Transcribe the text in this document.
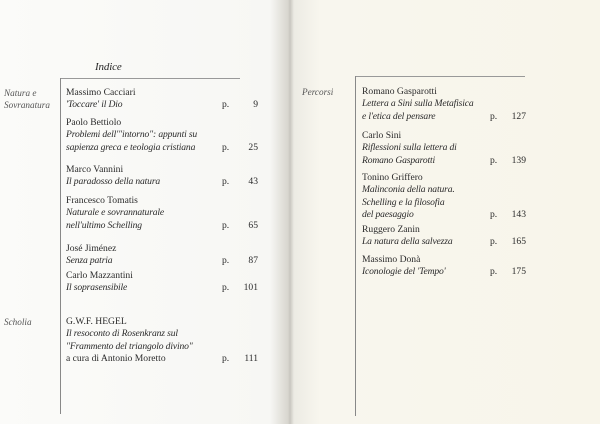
Indice
Natura e
Sovranatura
Scholia
Percorsi
Massimo Cacciari
'Toccare' il Dio	p.	9
Paolo Bettiolo
Problemi dell'"intorno": appunti su
sapienza greca e teologia cristiana	p.	25
Marco Vannini
Il paradosso della natura	p.	43
Francesco Tomatis
Naturale e sovrannaturale
nell'ultimo Schelling	p.	65
José Jiménez
Senza patria	p.	87
Carlo Mazzantini
Il soprasensibile	p.	101
G.W.F. HEGEL
Il resoconto di Rosenkranz sul
"Frammento del triangolo divino"
a cura di Antonio Moretto	p.	111
Romano Gasparotti
Lettera a Sini sulla Metafisica
e l'etica del pensare	p.	127
Carlo Sini
Riflessioni sulla lettera di
Romano Gasparotti	p.	139
Tonino Griffero
Malinconia della natura.
Schelling e la filosofia
del paesaggio	p.	143
Ruggero Zanin
La natura della salvezza	p.	165
Massimo Donà
Iconologie del 'Tempo'	p.	175
